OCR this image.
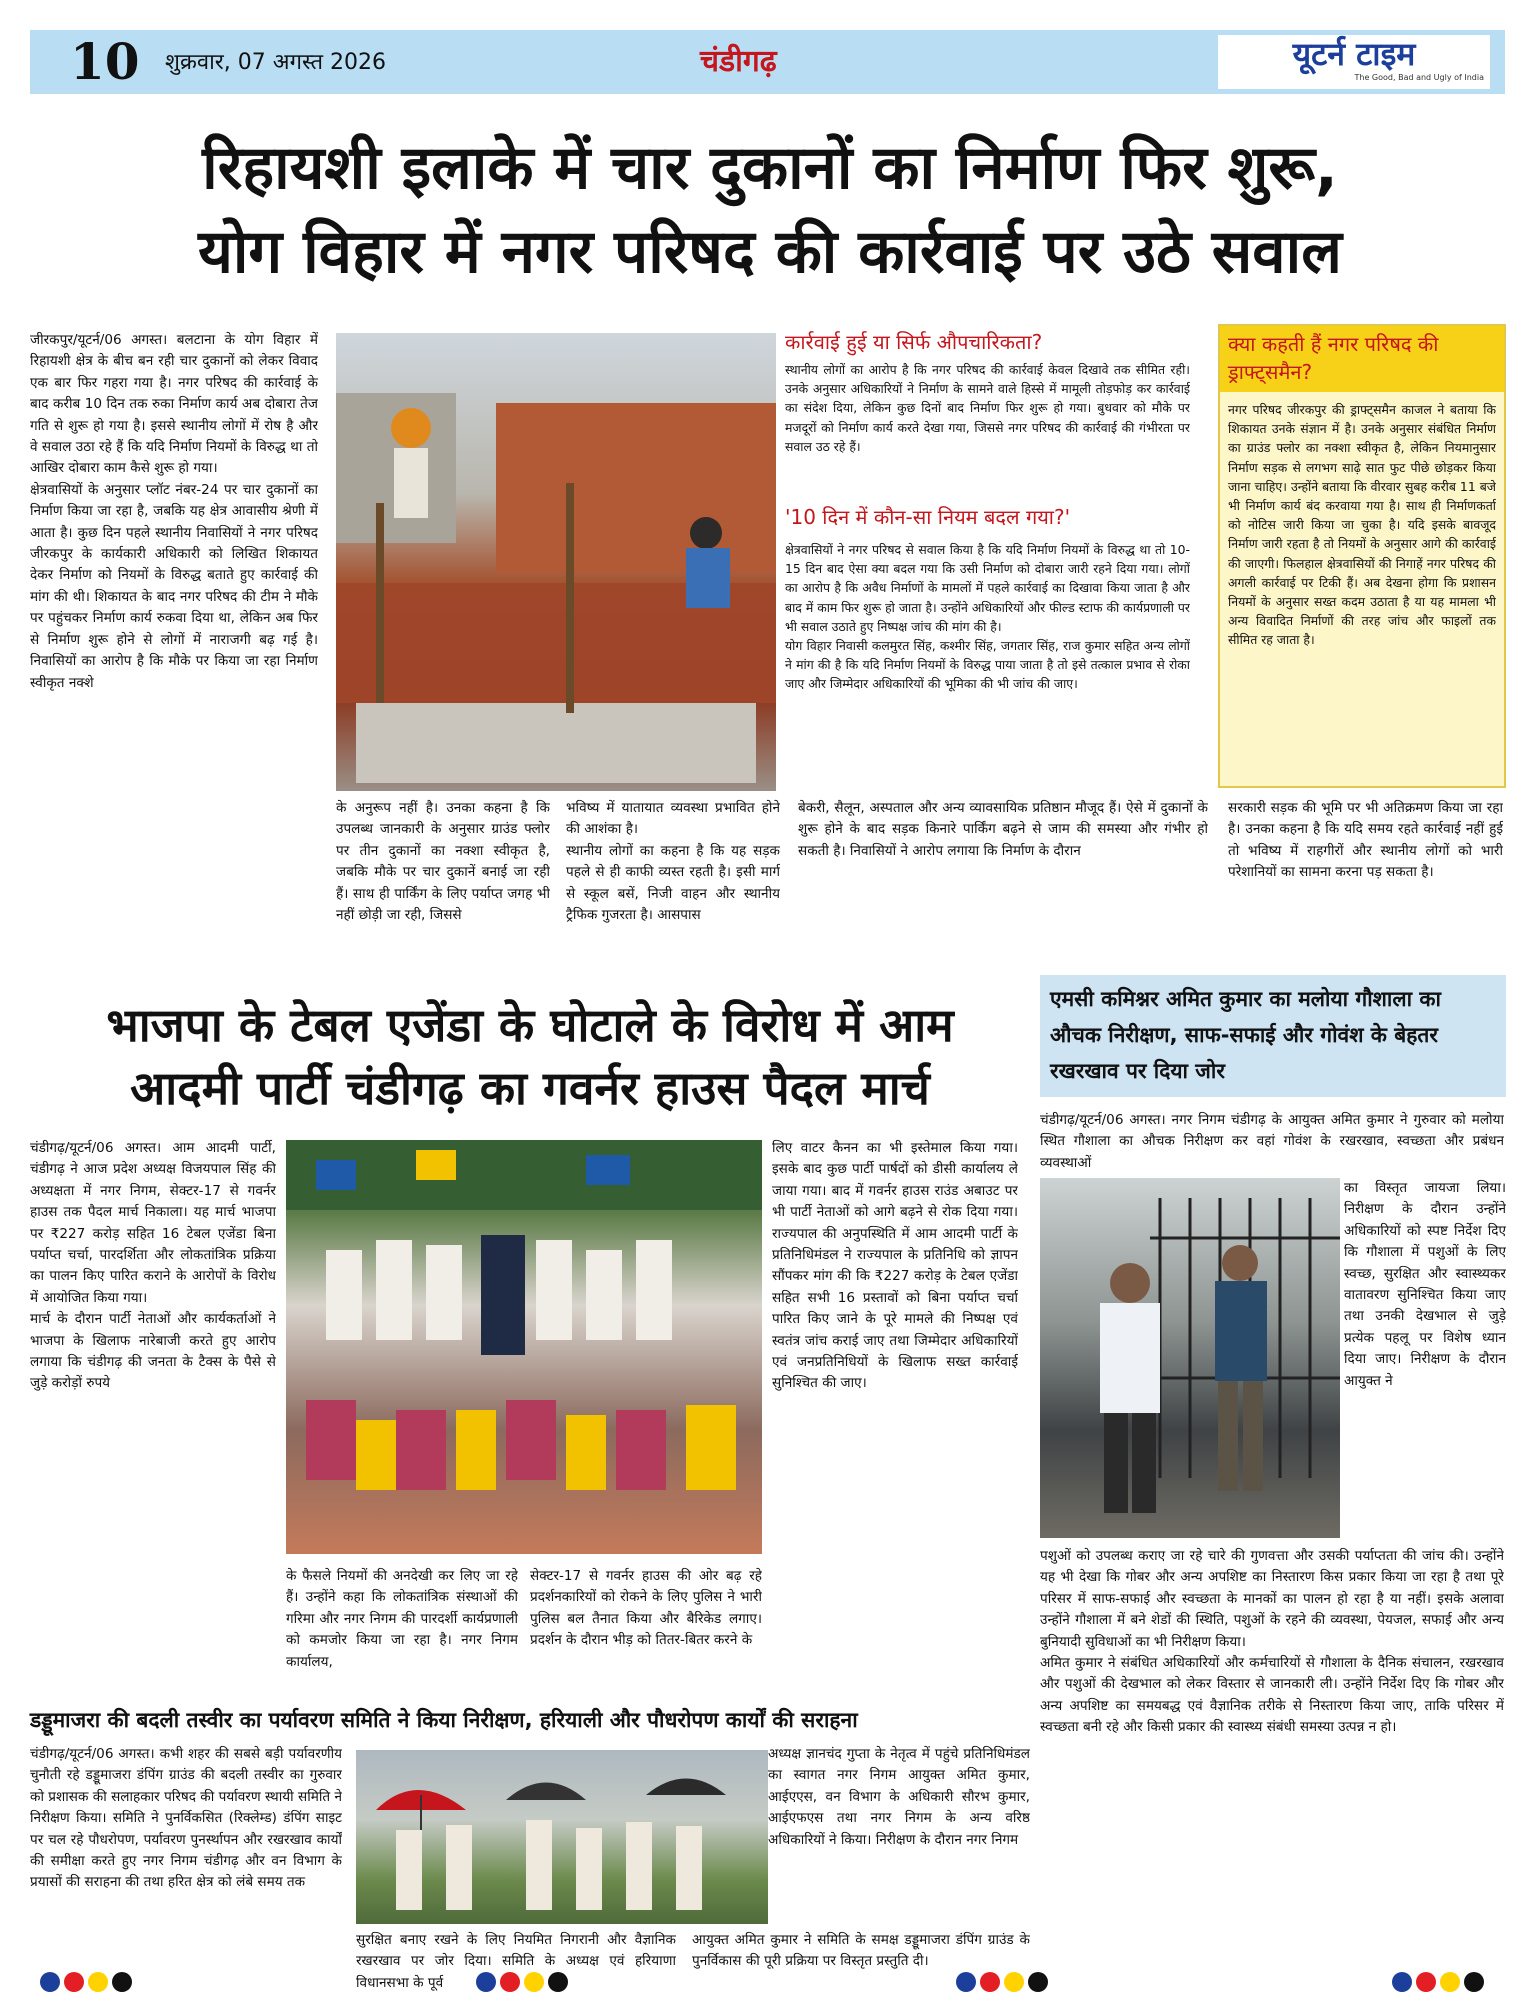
10 शुक्रवार, 07 अगस्त 2026	चंडीगढ़	यूटर्न टाइम
The Good, Bad and Ugly of India
रिहायशी इलाके में चार दुकानों का निर्माण फिर शुरू,
योग विहार में नगर परिषद की कार्रवाई पर उठे सवाल

जीरकपुर/यूटर्न/06 अगस्त। बलटाना के योग विहार में रिहायशी क्षेत्र के बीच बन रही चार दुकानों को लेकर विवाद एक बार फिर गहरा गया है। नगर परिषद की कार्रवाई के बाद करीब 10 दिन तक रुका निर्माण कार्य अब दोबारा तेज गति से शुरू हो गया है। इससे स्थानीय लोगों में रोष है और वे सवाल उठा रहे हैं कि यदि निर्माण नियमों के विरुद्ध था तो आखिर दोबारा काम कैसे शुरू हो गया।
क्षेत्रवासियों के अनुसार प्लॉट नंबर-24 पर चार दुकानों का निर्माण किया जा रहा है, जबकि यह क्षेत्र आवासीय श्रेणी में आता है। कुछ दिन पहले स्थानीय निवासियों ने नगर परिषद जीरकपुर के कार्यकारी अधिकारी को लिखित शिकायत देकर निर्माण को नियमों के विरुद्ध बताते हुए कार्रवाई की मांग की थी। शिकायत के बाद नगर परिषद की टीम ने मौके पर पहुंचकर निर्माण कार्य रुकवा दिया था, लेकिन अब फिर से निर्माण शुरू होने से लोगों में नाराजगी बढ़ गई है। निवासियों का आरोप है कि मौके पर किया जा रहा निर्माण स्वीकृत नक्शे

के अनुरूप नहीं है। उनका कहना है कि उपलब्ध जानकारी के अनुसार ग्राउंड फ्लोर पर तीन दुकानों का नक्शा स्वीकृत है, जबकि मौके पर चार दुकानें बनाई जा रही हैं। साथ ही पार्किंग के लिए पर्याप्त जगह भी नहीं छोड़ी जा रही, जिससे

भविष्य में यातायात व्यवस्था प्रभावित होने की आशंका है।
स्थानीय लोगों का कहना है कि यह सड़क पहले से ही काफी व्यस्त रहती है। इसी मार्ग से स्कूल बसें, निजी वाहन और स्थानीय ट्रैफिक गुजरता है। आसपास

कार्रवाई हुई या सिर्फ औपचारिकता?

स्थानीय लोगों का आरोप है कि नगर परिषद की कार्रवाई केवल दिखावे तक सीमित रही। उनके अनुसार अधिकारियों ने निर्माण के सामने वाले हिस्से में मामूली तोड़फोड़ कर कार्रवाई का संदेश दिया, लेकिन कुछ दिनों बाद निर्माण फिर शुरू हो गया। बुधवार को मौके पर मजदूरों को निर्माण कार्य करते देखा गया, जिससे नगर परिषद की कार्रवाई की गंभीरता पर सवाल उठ रहे हैं।

'10 दिन में कौन-सा नियम बदल गया?'

क्षेत्रवासियों ने नगर परिषद से सवाल किया है कि यदि निर्माण नियमों के विरुद्ध था तो 10-15 दिन बाद ऐसा क्या बदल गया कि उसी निर्माण को दोबारा जारी रहने दिया गया। लोगों का आरोप है कि अवैध निर्माणों के मामलों में पहले कार्रवाई का दिखावा किया जाता है और बाद में काम फिर शुरू हो जाता है। उन्होंने अधिकारियों और फील्ड स्टाफ की कार्यप्रणाली पर भी सवाल उठाते हुए निष्पक्ष जांच की मांग की है।
योग विहार निवासी कलमुरत सिंह, कश्मीर सिंह, जगतार सिंह, राज कुमार सहित अन्य लोगों ने मांग की है कि यदि निर्माण नियमों के विरुद्ध पाया जाता है तो इसे तत्काल प्रभाव से रोका जाए और जिम्मेदार अधिकारियों की भूमिका की भी जांच की जाए।

क्या कहती हैं नगर परिषद की ड्राफ्ट्समैन?

नगर परिषद जीरकपुर की ड्राफ्ट्समैन काजल ने बताया कि शिकायत उनके संज्ञान में है। उनके अनुसार संबंधित निर्माण का ग्राउंड फ्लोर का नक्शा स्वीकृत है, लेकिन नियमानुसार निर्माण सड़क से लगभग साढ़े सात फुट पीछे छोड़कर किया जाना चाहिए। उन्होंने बताया कि वीरवार सुबह करीब 11 बजे भी निर्माण कार्य बंद करवाया गया है। साथ ही निर्माणकर्ता को नोटिस जारी किया जा चुका है। यदि इसके बावजूद निर्माण जारी रहता है तो नियमों के अनुसार आगे की कार्रवाई की जाएगी। फिलहाल क्षेत्रवासियों की निगाहें नगर परिषद की अगली कार्रवाई पर टिकी हैं। अब देखना होगा कि प्रशासन नियमों के अनुसार सख्त कदम उठाता है या यह मामला भी अन्य विवादित निर्माणों की तरह जांच और फाइलों तक सीमित रह जाता है।

बेकरी, सैलून, अस्पताल और अन्य व्यावसायिक प्रतिष्ठान मौजूद हैं। ऐसे में दुकानों के शुरू होने के बाद सड़क किनारे पार्किंग बढ़ने से जाम की समस्या और गंभीर हो सकती है। निवासियों ने आरोप लगाया कि निर्माण के दौरान

सरकारी सड़क की भूमि पर भी अतिक्रमण किया जा रहा है। उनका कहना है कि यदि समय रहते कार्रवाई नहीं हुई तो भविष्य में राहगीरों और स्थानीय लोगों को भारी परेशानियों का सामना करना पड़ सकता है।

भाजपा के टेबल एजेंडा के घोटाले के विरोध में आम
आदमी पार्टी चंडीगढ़ का गवर्नर हाउस पैदल मार्च

चंडीगढ़/यूटर्न/06 अगस्त। आम आदमी पार्टी, चंडीगढ़ ने आज प्रदेश अध्यक्ष विजयपाल सिंह की अध्यक्षता में नगर निगम, सेक्टर-17 से गवर्नर हाउस तक पैदल मार्च निकाला। यह मार्च भाजपा पर ₹227 करोड़ सहित 16 टेबल एजेंडा बिना पर्याप्त चर्चा, पारदर्शिता और लोकतांत्रिक प्रक्रिया का पालन किए पारित कराने के आरोपों के विरोध में आयोजित किया गया।
मार्च के दौरान पार्टी नेताओं और कार्यकर्ताओं ने भाजपा के खिलाफ नारेबाजी करते हुए आरोप लगाया कि चंडीगढ़ की जनता के टैक्स के पैसे से जुड़े करोड़ों रुपये

के फैसले नियमों की अनदेखी कर लिए जा रहे हैं। उन्होंने कहा कि लोकतांत्रिक संस्थाओं की गरिमा और नगर निगम की पारदर्शी कार्यप्रणाली को कमजोर किया जा रहा है। नगर निगम कार्यालय,

सेक्टर-17 से गवर्नर हाउस की ओर बढ़ रहे प्रदर्शनकारियों को रोकने के लिए पुलिस ने भारी पुलिस बल तैनात किया और बैरिकेड लगाए। प्रदर्शन के दौरान भीड़ को तितर-बितर करने के

लिए वाटर कैनन का भी इस्तेमाल किया गया। इसके बाद कुछ पार्टी पार्षदों को डीसी कार्यालय ले जाया गया। बाद में गवर्नर हाउस राउंड अबाउट पर भी पार्टी नेताओं को आगे बढ़ने से रोक दिया गया। राज्यपाल की अनुपस्थिति में आम आदमी पार्टी के प्रतिनिधिमंडल ने राज्यपाल के प्रतिनिधि को ज्ञापन सौंपकर मांग की कि ₹227 करोड़ के टेबल एजेंडा सहित सभी 16 प्रस्तावों को बिना पर्याप्त चर्चा पारित किए जाने के पूरे मामले की निष्पक्ष एवं स्वतंत्र जांच कराई जाए तथा जिम्मेदार अधिकारियों एवं जनप्रतिनिधियों के खिलाफ सख्त कार्रवाई सुनिश्चित की जाए।

एमसी कमिश्नर अमित कुमार का मलोया गौशाला का औचक निरीक्षण, साफ-सफाई और गोवंश के बेहतर रखरखाव पर दिया जोर

चंडीगढ़/यूटर्न/06 अगस्त। नगर निगम चंडीगढ़ के आयुक्त अमित कुमार ने गुरुवार को मलोया स्थित गौशाला का औचक निरीक्षण कर वहां गोवंश के रखरखाव, स्वच्छता और प्रबंधन व्यवस्थाओं

का विस्तृत जायजा लिया। निरीक्षण के दौरान उन्होंने अधिकारियों को स्पष्ट निर्देश दिए कि गौशाला में पशुओं के लिए स्वच्छ, सुरक्षित और स्वास्थ्यकर वातावरण सुनिश्चित किया जाए तथा उनकी देखभाल से जुड़े प्रत्येक पहलू पर विशेष ध्यान दिया जाए। निरीक्षण के दौरान आयुक्त ने

पशुओं को उपलब्ध कराए जा रहे चारे की गुणवत्ता और उसकी पर्याप्तता की जांच की। उन्होंने यह भी देखा कि गोबर और अन्य अपशिष्ट का निस्तारण किस प्रकार किया जा रहा है तथा पूरे परिसर में साफ-सफाई और स्वच्छता के मानकों का पालन हो रहा है या नहीं। इसके अलावा उन्होंने गौशाला में बने शेडों की स्थिति, पशुओं के रहने की व्यवस्था, पेयजल, सफाई और अन्य बुनियादी सुविधाओं का भी निरीक्षण किया।
अमित कुमार ने संबंधित अधिकारियों और कर्मचारियों से गौशाला के दैनिक संचालन, रखरखाव और पशुओं की देखभाल को लेकर विस्तार से जानकारी ली। उन्होंने निर्देश दिए कि गोबर और अन्य अपशिष्ट का समयबद्ध एवं वैज्ञानिक तरीके से निस्तारण किया जाए, ताकि परिसर में स्वच्छता बनी रहे और किसी प्रकार की स्वास्थ्य संबंधी समस्या उत्पन्न न हो।

डड्डूमाजरा की बदली तस्वीर का पर्यावरण समिति ने किया निरीक्षण, हरियाली और पौधरोपण कार्यों की सराहना

चंडीगढ़/यूटर्न/06 अगस्त। कभी शहर की सबसे बड़ी पर्यावरणीय चुनौती रहे डड्डूमाजरा डंपिंग ग्राउंड की बदली तस्वीर का गुरुवार को प्रशासक की सलाहकार परिषद की पर्यावरण स्थायी समिति ने निरीक्षण किया। समिति ने पुनर्विकसित (रिक्लेम्ड) डंपिंग साइट पर चल रहे पौधरोपण, पर्यावरण पुनर्स्थापन और रखरखाव कार्यों की समीक्षा करते हुए नगर निगम चंडीगढ़ और वन विभाग के प्रयासों की सराहना की तथा हरित क्षेत्र को लंबे समय तक

सुरक्षित बनाए रखने के लिए नियमित निगरानी और वैज्ञानिक रखरखाव पर जोर दिया। समिति के अध्यक्ष एवं हरियाणा विधानसभा के पूर्व

अध्यक्ष ज्ञानचंद गुप्ता के नेतृत्व में पहुंचे प्रतिनिधिमंडल का स्वागत नगर निगम आयुक्त अमित कुमार, आईएएस, वन विभाग के अधिकारी सौरभ कुमार, आईएफएस तथा नगर निगम के अन्य वरिष्ठ अधिकारियों ने किया। निरीक्षण के दौरान नगर निगम

आयुक्त अमित कुमार ने समिति के समक्ष डड्डूमाजरा डंपिंग ग्राउंड के पुनर्विकास की पूरी प्रक्रिया पर विस्तृत प्रस्तुति दी।
